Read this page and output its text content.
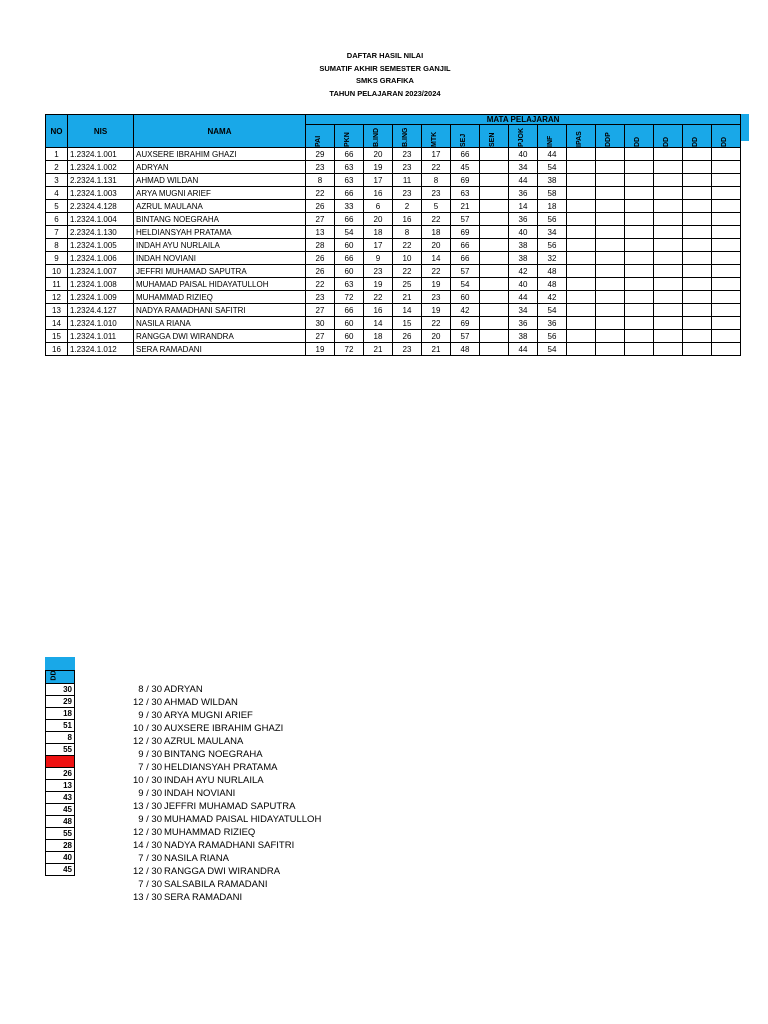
DAFTAR HASIL NILAI
SUMATIF AKHIR SEMESTER GANJIL
SMKS GRAFIKA
TAHUN PELAJARAN 2023/2024
NO	NIS	NAMA	MATA PELAJARAN														

			PAI	PKN	B.IND	B.ING	MTK	SEJ	SEN	PJOK	INF	IPAS	DDP	DD	DD	DD	DD

1	1.2324.1.001	AUXSERE IBRAHIM GHAZI	29	66	20	23	17	66		40	44						
2	1.2324.1.002	ADRYAN	23	63	19	23	22	45		34	54						
3	2.2324.1.131	AHMAD WILDAN	8	63	17	11	8	69		44	38						
4	1.2324.1.003	ARYA MUGNI ARIEF	22	66	16	23	23	63		36	58						
5	2.2324.4.128	AZRUL MAULANA	26	33	6	2	5	21		14	18						
6	1.2324.1.004	BINTANG NOEGRAHA	27	66	20	16	22	57		36	56						
7	2.2324.1.130	HELDIANSYAH PRATAMA	13	54	18	8	18	69		40	34						
8	1.2324.1.005	INDAH AYU NURLAILA	28	60	17	22	20	66		38	56						
9	1.2324.1.006	INDAH NOVIANI	26	66	9	10	14	66		38	32						
10	1.2324.1.007	JEFFRI MUHAMAD SAPUTRA	26	60	23	22	22	57		42	48						
11	1.2324.1.008	MUHAMAD PAISAL HIDAYATULLOH	22	63	19	25	19	54		40	48						
12	1.2324.1.009	MUHAMMAD RIZIEQ	23	72	22	21	23	60		44	42						
13	1.2324.4.127	NADYA RAMADHANI SAFITRI	27	66	16	14	19	42		34	54						
14	1.2324.1.010	NASILA RIANA	30	60	14	15	22	69		36	36						
15	1.2324.1.011	RANGGA DWI WIRANDRA	27	60	18	26	20	57		38	56						
16	1.2324.1.012	SERA RAMADANI	19	72	21	23	21	48		44	54						
DD
30
29
18
51
8
55
26
13
43
45
48
55
28
40
45
8 / 30 ADRYAN
12 / 30 AHMAD WILDAN
9 / 30 ARYA MUGNI ARIEF
10 / 30 AUXSERE IBRAHIM GHAZI
12 / 30 AZRUL MAULANA
9 / 30 BINTANG NOEGRAHA
7 / 30 HELDIANSYAH PRATAMA
10 / 30 INDAH AYU NURLAILA
9 / 30 INDAH NOVIANI
13 / 30 JEFFRI MUHAMAD SAPUTRA
9 / 30 MUHAMAD PAISAL HIDAYATULLOH
12 / 30 MUHAMMAD RIZIEQ
14 / 30 NADYA RAMADHANI SAFITRI
7 / 30 NASILA RIANA
12 / 30 RANGGA DWI WIRANDRA
7 / 30 SALSABILA RAMADANI
13 / 30 SERA RAMADANI
